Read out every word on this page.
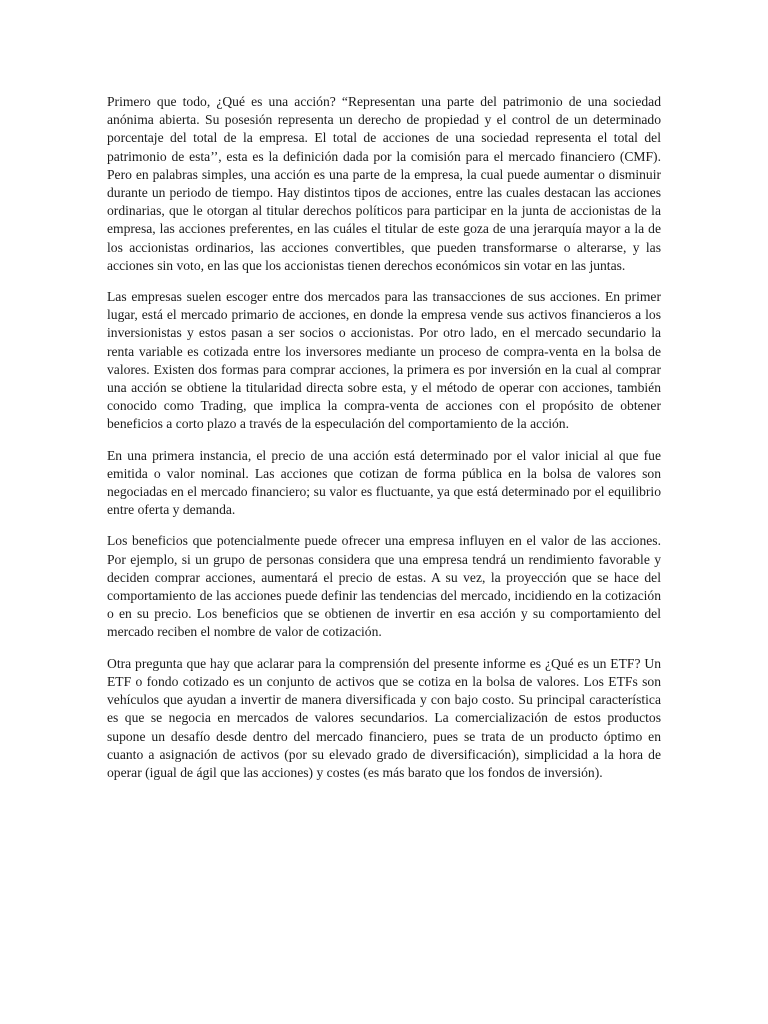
Primero que todo, ¿Qué es una acción? “Representan una parte del patrimonio de una sociedad anónima abierta. Su posesión representa un derecho de propiedad y el control de un determinado porcentaje del total de la empresa. El total de acciones de una sociedad representa el total del patrimonio de esta’’, esta es la definición dada por la comisión para el mercado financiero (CMF). Pero en palabras simples, una acción es una parte de la empresa, la cual puede aumentar o disminuir durante un periodo de tiempo. Hay distintos tipos de acciones, entre las cuales destacan las acciones ordinarias, que le otorgan al titular derechos políticos para participar en la junta de accionistas de la empresa, las acciones preferentes, en las cuáles el titular de este goza de una jerarquía mayor a la de los accionistas ordinarios, las acciones convertibles, que pueden transformarse o alterarse, y las acciones sin voto, en las que los accionistas tienen derechos económicos sin votar en las juntas.

Las empresas suelen escoger entre dos mercados para las transacciones de sus acciones. En primer lugar, está el mercado primario de acciones, en donde la empresa vende sus activos financieros a los inversionistas y estos pasan a ser socios o accionistas. Por otro lado, en el mercado secundario la renta variable es cotizada entre los inversores mediante un proceso de compra-venta en la bolsa de valores. Existen dos formas para comprar acciones, la primera es por inversión en la cual al comprar una acción se obtiene la titularidad directa sobre esta, y el método de operar con acciones, también conocido como Trading, que implica la compra-venta de acciones con el propósito de obtener beneficios a corto plazo a través de la especulación del comportamiento de la acción.

En una primera instancia, el precio de una acción está determinado por el valor inicial al que fue emitida o valor nominal. Las acciones que cotizan de forma pública en la bolsa de valores son negociadas en el mercado financiero; su valor es fluctuante, ya que está determinado por el equilibrio entre oferta y demanda.

Los beneficios que potencialmente puede ofrecer una empresa influyen en el valor de las acciones. Por ejemplo, si un grupo de personas considera que una empresa tendrá un rendimiento favorable y deciden comprar acciones, aumentará el precio de estas. A su vez, la proyección que se hace del comportamiento de las acciones puede definir las tendencias del mercado, incidiendo en la cotización o en su precio. Los beneficios que se obtienen de invertir en esa acción y su comportamiento del mercado reciben el nombre de valor de cotización.

Otra pregunta que hay que aclarar para la comprensión del presente informe es ¿Qué es un ETF? Un ETF o fondo cotizado es un conjunto de activos que se cotiza en la bolsa de valores. Los ETFs son vehículos que ayudan a invertir de manera diversificada y con bajo costo. Su principal característica es que se negocia en mercados de valores secundarios. La comercialización de estos productos supone un desafío desde dentro del mercado financiero, pues se trata de un producto óptimo en cuanto a asignación de activos (por su elevado grado de diversificación), simplicidad a la hora de operar (igual de ágil que las acciones) y costes (es más barato que los fondos de inversión).
